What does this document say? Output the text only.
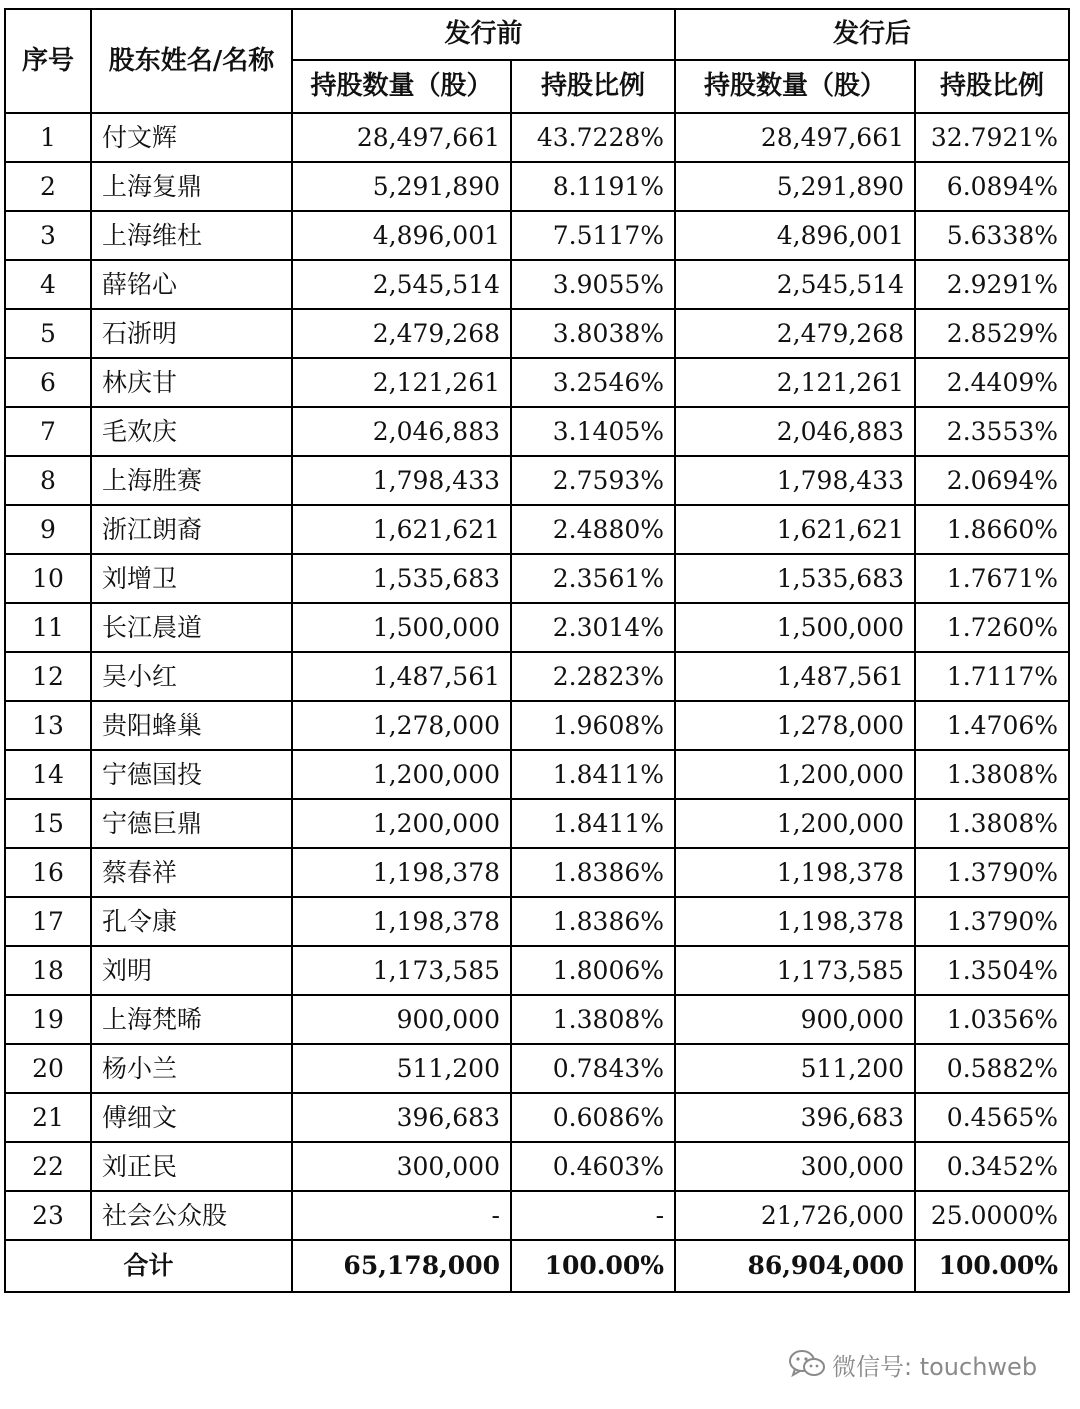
序号	股东姓名/名称	发行前		发行后	
		持股数量（股）	持股比例	持股数量（股）	持股比例
1	付文辉	28,497,661	43.7228%	28,497,661	32.7921%
2	上海复鼎	5,291,890	8.1191%	5,291,890	6.0894%
3	上海维杜	4,896,001	7.5117%	4,896,001	5.6338%
4	薛铭心	2,545,514	3.9055%	2,545,514	2.9291%
5	石浙明	2,479,268	3.8038%	2,479,268	2.8529%
6	林庆甘	2,121,261	3.2546%	2,121,261	2.4409%
7	毛欢庆	2,046,883	3.1405%	2,046,883	2.3553%
8	上海胜赛	1,798,433	2.7593%	1,798,433	2.0694%
9	浙江朗裔	1,621,621	2.4880%	1,621,621	1.8660%
10	刘增卫	1,535,683	2.3561%	1,535,683	1.7671%
11	长江晨道	1,500,000	2.3014%	1,500,000	1.7260%
12	吴小红	1,487,561	2.2823%	1,487,561	1.7117%
13	贵阳蜂巢	1,278,000	1.9608%	1,278,000	1.4706%
14	宁德国投	1,200,000	1.8411%	1,200,000	1.3808%
15	宁德巨鼎	1,200,000	1.8411%	1,200,000	1.3808%
16	蔡春祥	1,198,378	1.8386%	1,198,378	1.3790%
17	孔令康	1,198,378	1.8386%	1,198,378	1.3790%
18	刘明	1,173,585	1.8006%	1,173,585	1.3504%
19	上海梵晞	900,000	1.3808%	900,000	1.0356%
20	杨小兰	511,200	0.7843%	511,200	0.5882%
21	傅细文	396,683	0.6086%	396,683	0.4565%
22	刘正民	300,000	0.4603%	300,000	0.3452%
23	社会公众股	-	-	21,726,000	25.0000%
合计		65,178,000	100.00%	86,904,000	100.00%
微信号: touchweb
